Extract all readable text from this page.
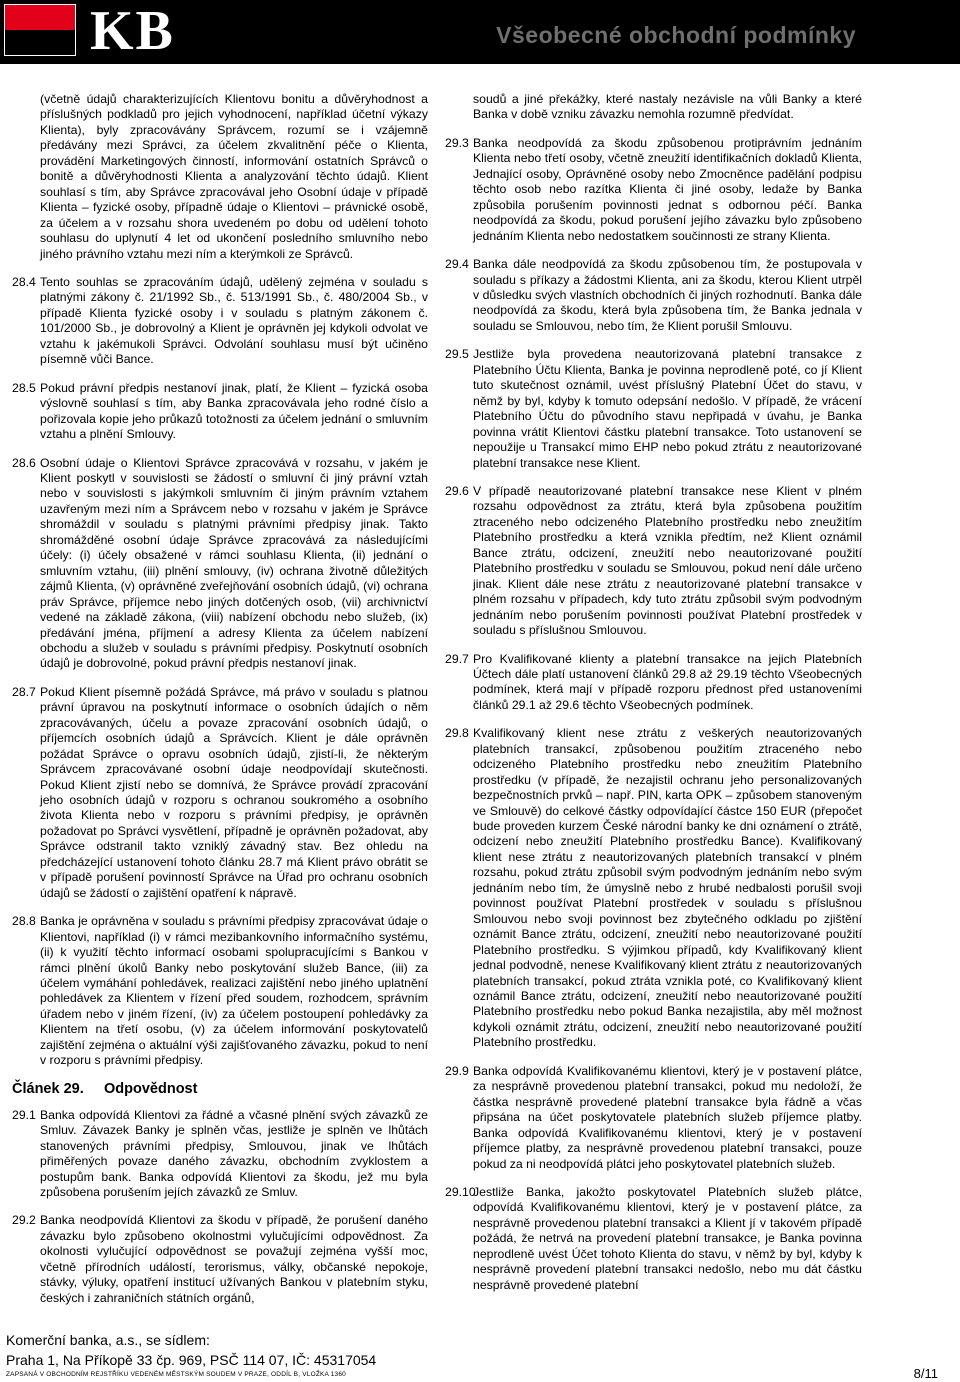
KB	Všeobecné obchodní podmínky

(včetně údajů charakterizujících Klientovu bonitu a důvěryhodnost a příslušných podkladů pro jejich vyhodnocení, například účetní výkazy Klienta), byly zpracovávány Správcem, rozumí se i vzájemně předávány mezi Správci, za účelem zkvalitnění péče o Klienta, provádění Marketingových činností, informování ostatních Správců o bonitě a důvěryhodnosti Klienta a analyzování těchto údajů. Klient souhlasí s tím, aby Správce zpracovával jeho Osobní údaje v případě Klienta – fyzické osoby, případně údaje o Klientovi – právnické osobě, za účelem a v rozsahu shora uvedeném po dobu od udělení tohoto souhlasu do uplynutí 4 let od ukončení posledního smluvního nebo jiného právního vztahu mezi ním a kterýmkoli ze Správců.

28.4 Tento souhlas se zpracováním údajů, udělený zejména v souladu s platnými zákony č. 21/1992 Sb., č. 513/1991 Sb., č. 480/2004 Sb., v případě Klienta fyzické osoby i v souladu s platným zákonem č. 101/2000 Sb., je dobrovolný a Klient je oprávněn jej kdykoli odvolat ve vztahu k jakémukoli Správci. Odvolání souhlasu musí být učiněno písemně vůči Bance.

28.5 Pokud právní předpis nestanoví jinak, platí, že Klient – fyzická osoba výslovně souhlasí s tím, aby Banka zpracovávala jeho rodné číslo a pořizovala kopie jeho průkazů totožnosti za účelem jednání o smluvním vztahu a plnění Smlouvy.

28.6 Osobní údaje o Klientovi Správce zpracovává v rozsahu, v jakém je Klient poskytl v souvislosti se žádostí o smluvní či jiný právní vztah nebo v souvislosti s jakýmkoli smluvním či jiným právním vztahem uzavřeným mezi ním a Správcem nebo v rozsahu v jakém je Správce shromáždil v souladu s platnými právními předpisy jinak. Takto shromážděné osobní údaje Správce zpracovává za následujícími účely: (i) účely obsažené v rámci souhlasu Klienta, (ii) jednání o smluvním vztahu, (iii) plnění smlouvy, (iv) ochrana životně důležitých zájmů Klienta, (v) oprávněné zveřejňování osobních údajů, (vi) ochrana práv Správce, příjemce nebo jiných dotčených osob, (vii) archivnictví vedené na základě zákona, (viii) nabízení obchodu nebo služeb, (ix) předávání jména, příjmení a adresy Klienta za účelem nabízení obchodu a služeb v souladu s právními předpisy. Poskytnutí osobních údajů je dobrovolné, pokud právní předpis nestanoví jinak.

28.7 Pokud Klient písemně požádá Správce, má právo v souladu s platnou právní úpravou na poskytnutí informace o osobních údajích o něm zpracovávaných, účelu a povaze zpracování osobních údajů, o příjemcích osobních údajů a Správcích. Klient je dále oprávněn požádat Správce o opravu osobních údajů, zjistí-li, že některým Správcem zpracovávané osobní údaje neodpovídají skutečnosti. Pokud Klient zjistí nebo se domnívá, že Správce provádí zpracování jeho osobních údajů v rozporu s ochranou soukromého a osobního života Klienta nebo v rozporu s právními předpisy, je oprávněn požadovat po Správci vysvětlení, případně je oprávněn požadovat, aby Správce odstranil takto vzniklý závadný stav. Bez ohledu na předcházející ustanovení tohoto článku 28.7 má Klient právo obrátit se v případě porušení povinností Správce na Úřad pro ochranu osobních údajů se žádostí o zajištění opatření k nápravě.

28.8 Banka je oprávněna v souladu s právními předpisy zpracovávat údaje o Klientovi, například (i) v rámci mezibankovního informačního systému, (ii) k využití těchto informací osobami spolupracujícími s Bankou v rámci plnění úkolů Banky nebo poskytování služeb Bance, (iii) za účelem vymáhání pohledávek, realizaci zajištění nebo jiného uplatnění pohledávek za Klientem v řízení před soudem, rozhodcem, správním úřadem nebo v jiném řízení, (iv) za účelem postoupení pohledávky za Klientem na třetí osobu, (v) za účelem informování poskytovatelů zajištění zejména o aktuální výši zajišťovaného závazku, pokud to není v rozporu s právními předpisy.

Článek 29. Odpovědnost

29.1 Banka odpovídá Klientovi za řádné a včasné plnění svých závazků ze Smluv. Závazek Banky je splněn včas, jestliže je splněn ve lhůtách stanovených právními předpisy, Smlouvou, jinak ve lhůtách přiměřených povaze daného závazku, obchodním zvyklostem a postupům bank. Banka odpovídá Klientovi za škodu, jež mu byla způsobena porušením jejích závazků ze Smluv.

29.2 Banka neodpovídá Klientovi za škodu v případě, že porušení daného závazku bylo způsobeno okolnostmi vylučujícími odpovědnost. Za okolnosti vylučující odpovědnost se považují zejména vyšší moc, včetně přírodních událostí, terorismus, války, občanské nepokoje, stávky, výluky, opatření institucí užívaných Bankou v platebním styku, českých i zahraničních státních orgánů,

soudů a jiné překážky, které nastaly nezávisle na vůli Banky a které Banka v době vzniku závazku nemohla rozumně předvídat.

29.3 Banka neodpovídá za škodu způsobenou protiprávním jednáním Klienta nebo třetí osoby, včetně zneužití identifikačních dokladů Klienta, Jednající osoby, Oprávněné osoby nebo Zmocněnce padělání podpisu těchto osob nebo razítka Klienta či jiné osoby, ledaže by Banka způsobila porušením povinnosti jednat s odbornou péčí. Banka neodpovídá za škodu, pokud porušení jejího závazku bylo způsobeno jednáním Klienta nebo nedostatkem součinnosti ze strany Klienta.

29.4 Banka dále neodpovídá za škodu způsobenou tím, že postupovala v souladu s příkazy a žádostmi Klienta, ani za škodu, kterou Klient utrpěl v důsledku svých vlastních obchodních či jiných rozhodnutí. Banka dále neodpovídá za škodu, která byla způsobena tím, že Banka jednala v souladu se Smlouvou, nebo tím, že Klient porušil Smlouvu.

29.5 Jestliže byla provedena neautorizovaná platební transakce z Platebního Účtu Klienta, Banka je povinna neprodleně poté, co jí Klient tuto skutečnost oznámil, uvést příslušný Platební Účet do stavu, v němž by byl, kdyby k tomuto odepsání nedošlo. V případě, že vrácení Platebního Účtu do původního stavu nepřipadá v úvahu, je Banka povinna vrátit Klientovi částku platební transakce. Toto ustanovení se nepoužije u Transakcí mimo EHP nebo pokud ztrátu z neautorizované platební transakce nese Klient.

29.6 V případě neautorizované platební transakce nese Klient v plném rozsahu odpovědnost za ztrátu, která byla způsobena použitím ztraceného nebo odcizeného Platebního prostředku nebo zneužitím Platebního prostředku a která vznikla předtím, než Klient oznámil Bance ztrátu, odcizení, zneužití nebo neautorizované použití Platebního prostředku v souladu se Smlouvou, pokud není dále určeno jinak. Klient dále nese ztrátu z neautorizované platební transakce v plném rozsahu v případech, kdy tuto ztrátu způsobil svým podvodným jednáním nebo porušením povinnosti používat Platební prostředek v souladu s příslušnou Smlouvou.

29.7 Pro Kvalifikované klienty a platební transakce na jejich Platebních Účtech dále platí ustanovení článků 29.8 až 29.19 těchto Všeobecných podmínek, která mají v případě rozporu přednost před ustanoveními článků 29.1 až 29.6 těchto Všeobecných podmínek.

29.8 Kvalifikovaný klient nese ztrátu z veškerých neautorizovaných platebních transakcí, způsobenou použitím ztraceného nebo odcizeného Platebního prostředku nebo zneužitím Platebního prostředku (v případě, že nezajistil ochranu jeho personalizovaných bezpečnostních prvků – např. PIN, karta OPK – způsobem stanoveným ve Smlouvě) do celkové částky odpovídající částce 150 EUR (přepočet bude proveden kurzem České národní banky ke dni oznámení o ztrátě, odcizení nebo zneužití Platebního prostředku Bance). Kvalifikovaný klient nese ztrátu z neautorizovaných platebních transakcí v plném rozsahu, pokud ztrátu způsobil svým podvodným jednáním nebo svým jednáním nebo tím, že úmyslně nebo z hrubé nedbalosti porušil svoji povinnost používat Platební prostředek v souladu s příslušnou Smlouvou nebo svoji povinnost bez zbytečného odkladu po zjištění oznámit Bance ztrátu, odcizení, zneužití nebo neautorizované použití Platebního prostředku. S výjimkou případů, kdy Kvalifikovaný klient jednal podvodně, nenese Kvalifikovaný klient ztrátu z neautorizovaných platebních transakcí, pokud ztráta vznikla poté, co Kvalifikovaný klient oznámil Bance ztrátu, odcizení, zneužití nebo neautorizované použití Platebního prostředku nebo pokud Banka nezajistila, aby měl možnost kdykoli oznámit ztrátu, odcizení, zneužití nebo neautorizované použití Platebního prostředku.

29.9 Banka odpovídá Kvalifikovanému klientovi, který je v postavení plátce, za nesprávně provedenou platební transakci, pokud mu nedoloží, že částka nesprávně provedené platební transakce byla řádně a včas připsána na účet poskytovatele platebních služeb příjemce platby. Banka odpovídá Kvalifikovanému klientovi, který je v postavení příjemce platby, za nesprávně provedenou platební transakci, pouze pokud za ni neodpovídá plátci jeho poskytovatel platebních služeb.

29.10
Jestliže Banka, jakožto poskytovatel Platebních služeb plátce, odpovídá Kvalifikovanému klientovi, který je v postavení plátce, za nesprávně provedenou platební transakci a Klient jí v takovém případě požádá, že netrvá na provedení platební transakce, je Banka povinna neprodleně uvést Účet tohoto Klienta do stavu, v němž by byl, kdyby k nesprávně provedení platební transakci nedošlo, nebo mu dát částku nesprávně provedené platební

Komerční banka, a.s., se sídlem:
Praha 1, Na Příkopě 33 čp. 969, PSČ 114 07, IČ: 45317054
ZAPSANÁ V OBCHODNÍM REJSTŘÍKU VEDENÉM MĚSTSKÝM SOUDEM V PRAZE, ODDÍL B, VLOŽKA 1360	8/11
